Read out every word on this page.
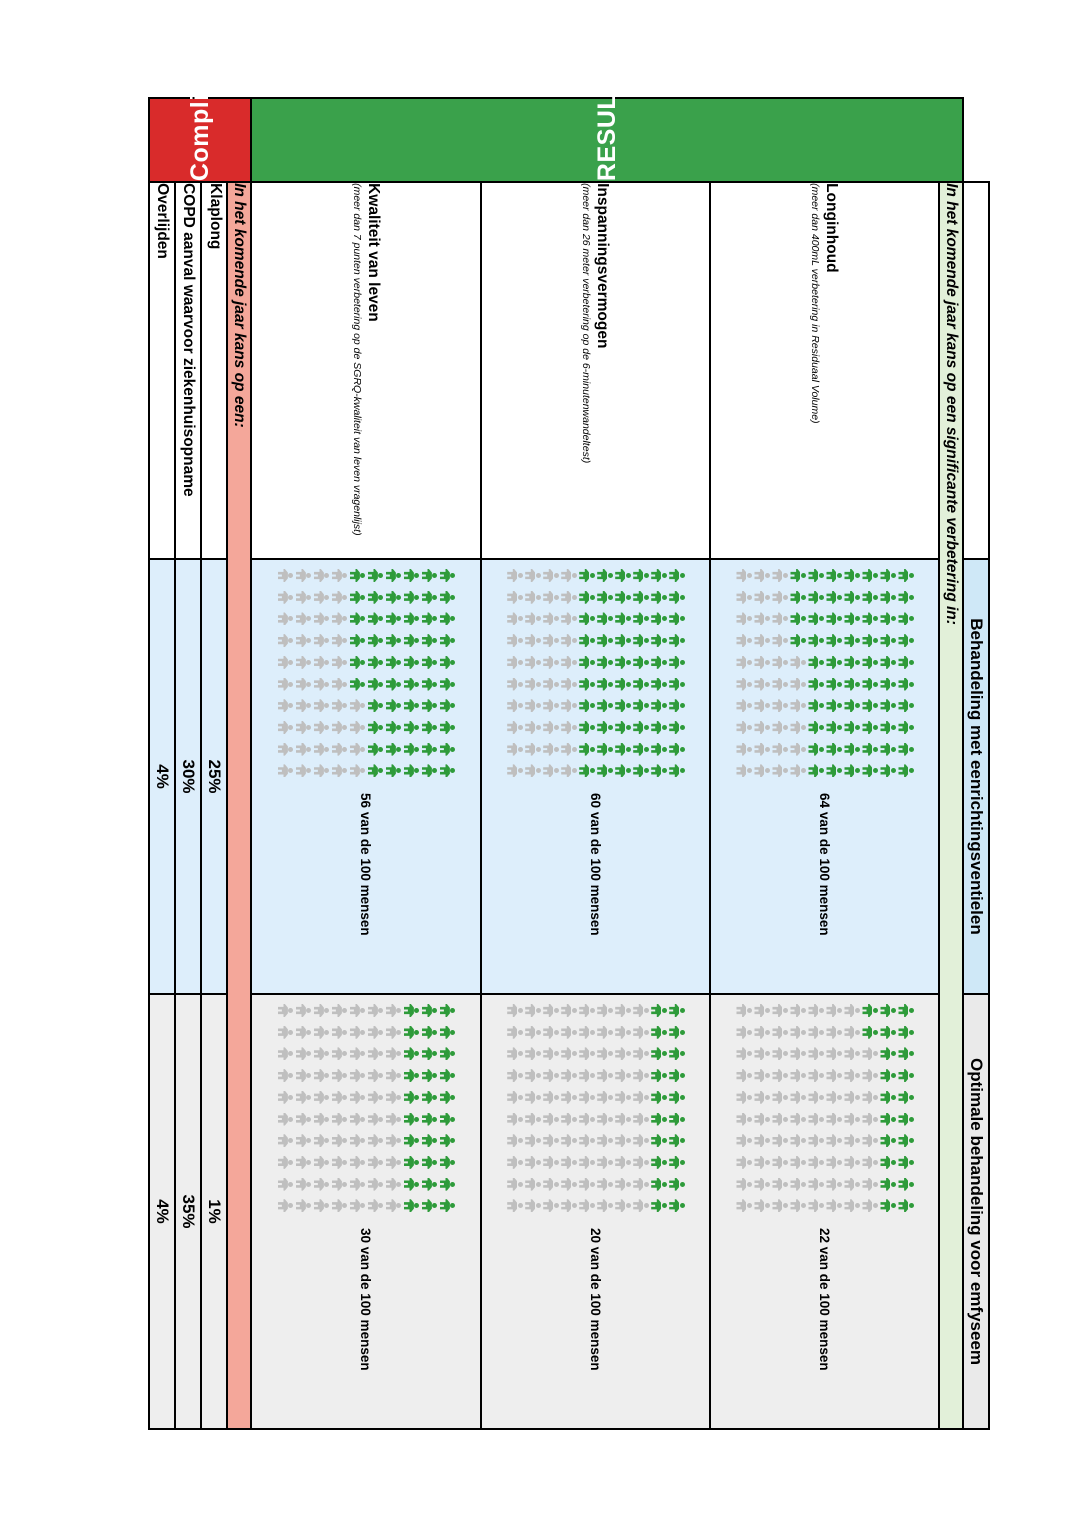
		Behandeling met eenrichtingsventielen	Optimale behandeling voor emfyseem

RESULTATEN	In het komende jaar kans op een significante verbetering in:		

	Longinhoud
(meer dan 400mL verbetering in Residuaal Volume)	64 van de 100 mensen	22 van de 100 mensen

	Inspanningsvermogen
(meer dan 26 meter verbetering op de 6-minutenwandeltest)	60 van de 100 mensen	20 van de 100 mensen

	Kwaliteit van leven
(meer dan 7 punten verbetering op de SGRQ-kwaliteit van leven vragenlijst)	56 van de 100 mensen	30 van de 100 mensen

Complicaties	In het komende jaar kans op een:		

	Klaplong	25%	1%

	COPD aanval waarvoor ziekenhuisopname	30%	35%

	Overlijden	4%	4%
